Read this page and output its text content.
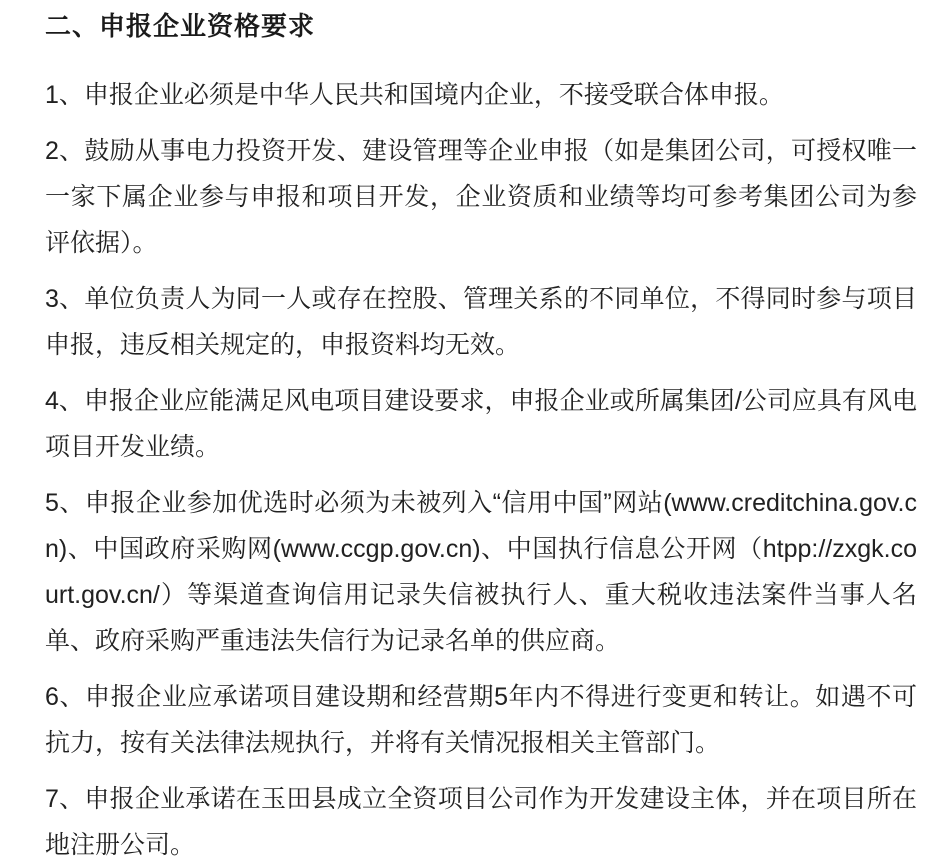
二、申报企业资格要求

1、申报企业必须是中华人民共和国境内企业，不接受联合体申报。

2、鼓励从事电力投资开发、建设管理等企业申报（如是集团公司，可授权唯一一家下属企业参与申报和项目开发，企业资质和业绩等均可参考集团公司为参评依据）。

3、单位负责人为同一人或存在控股、管理关系的不同单位，不得同时参与项目申报，违反相关规定的，申报资料均无效。

4、申报企业应能满足风电项目建设要求，申报企业或所属集团/公司应具有风电项目开发业绩。

5、申报企业参加优选时必须为未被列入“信用中国”网站(www.creditchina.gov.cn)、中国政府采购网(www.ccgp.gov.cn)、中国执行信息公开网（htpp://zxgk.court.gov.cn/）等渠道查询信用记录失信被执行人、重大税收违法案件当事人名单、政府采购严重违法失信行为记录名单的供应商。

6、申报企业应承诺项目建设期和经营期5年内不得进行变更和转让。如遇不可抗力，按有关法律法规执行，并将有关情况报相关主管部门。

7、申报企业承诺在玉田县成立全资项目公司作为开发建设主体，并在项目所在地注册公司。
